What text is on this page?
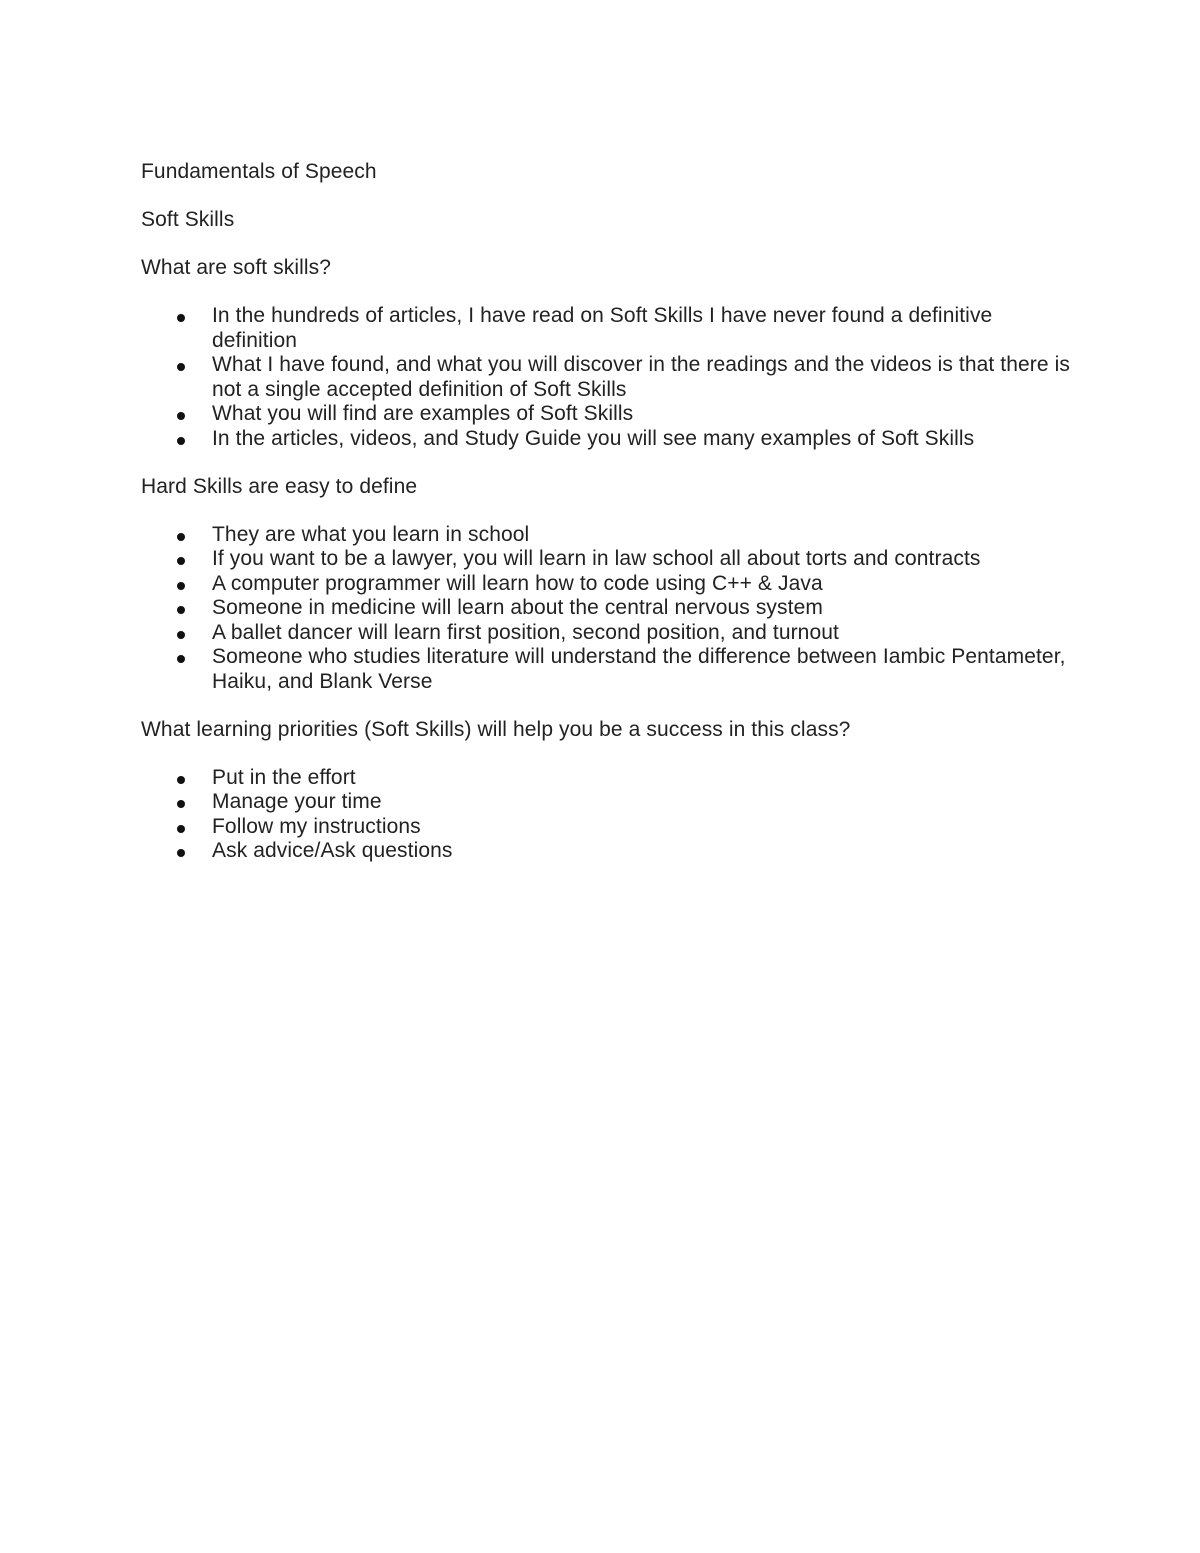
Fundamentals of Speech

Soft Skills

What are soft skills?

In the hundreds of articles, I have read on Soft Skills I have never found a definitive definition
What I have found, and what you will discover in the readings and the videos is that there is not a single accepted definition of Soft Skills
What you will find are examples of Soft Skills
In the articles, videos, and Study Guide you will see many examples of Soft Skills

Hard Skills are easy to define

They are what you learn in school
If you want to be a lawyer, you will learn in law school all about torts and contracts
A computer programmer will learn how to code using C++ & Java
Someone in medicine will learn about the central nervous system
A ballet dancer will learn first position, second position, and turnout
Someone who studies literature will understand the difference between Iambic Pentameter, Haiku, and Blank Verse

What learning priorities (Soft Skills) will help you be a success in this class?

Put in the effort
Manage your time
Follow my instructions
Ask advice/Ask questions
